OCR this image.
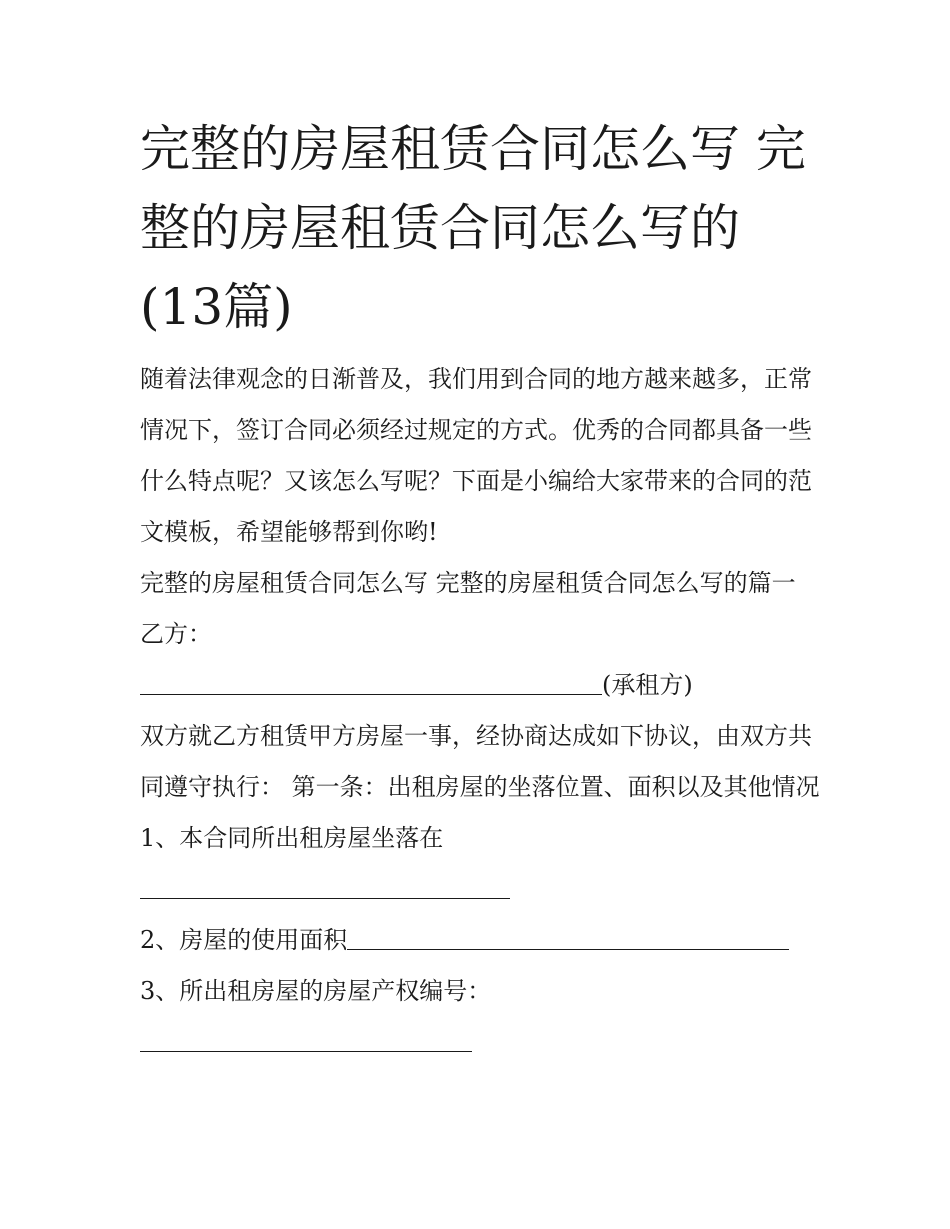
完整的房屋租赁合同怎么写 完整的房屋租赁合同怎么写的(13篇)

随着法律观念的日渐普及，我们用到合同的地方越来越多，正常情况下，签订合同必须经过规定的方式。优秀的合同都具备一些什么特点呢？又该怎么写呢？下面是小编给大家带来的合同的范文模板，希望能够帮到你哟!

完整的房屋租赁合同怎么写 完整的房屋租赁合同怎么写的篇一 乙方：

(承租方)

双方就乙方租赁甲方房屋一事，经协商达成如下协议，由双方共同遵守执行： 第一条：出租房屋的坐落位置、面积以及其他情况

1、本合同所出租房屋坐落在

2、房屋的使用面积

3、所出租房屋的房屋产权编号：
